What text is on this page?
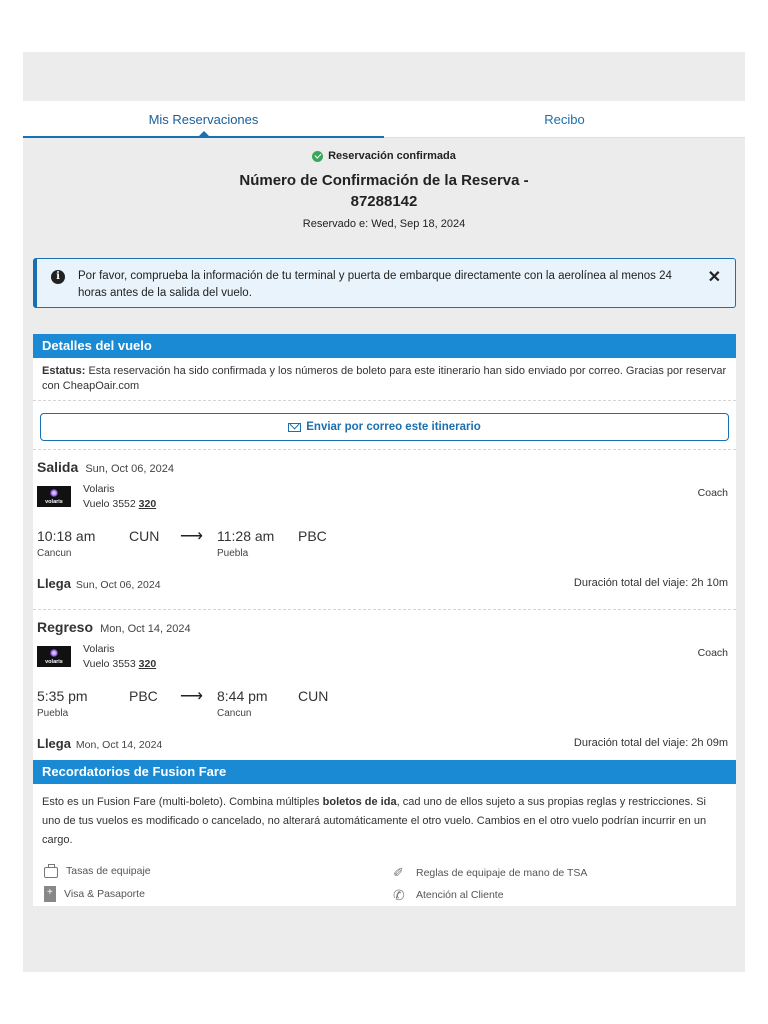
Mis Reservaciones	Recibo
Reservación confirmada
Número de Confirmación de la Reserva -
87288142
Reservado e: Wed, Sep 18, 2024
i	Por favor, comprueba la información de tu terminal y puerta de embarque directamente con la aerolínea al menos 24 horas antes de la salida del vuelo.
✕
Detalles del vuelo
Estatus: Esta reservación ha sido confirmada y los números de boleto para este itinerario han sido enviado por correo. Gracias por reservar con CheapOair.com
Enviar por correo este itinerario
Salida Sun, Oct 06, 2024
volaris
Volaris
Vuelo 3552 320
Coach
10:18 am CUN ⟶ 11:28 am PBC
Cancun	Puebla
Llega Sun, Oct 06, 2024	Duración total del viaje: 2h 10m
Regreso Mon, Oct 14, 2024
volaris
Volaris
Vuelo 3553 320
Coach
5:35 pm	PBC ⟶ 8:44 pm CUN
Puebla	Cancun
Llega Mon, Oct 14, 2024	Duración total del viaje: 2h 09m
Recordatorios de Fusion Fare
Esto es un Fusion Fare (multi-boleto). Combina múltiples boletos de ida, cad uno de ellos sujeto a sus propias reglas y restricciones. Si uno de tus vuelos es modificado o cancelado, no alterará automáticamente el otro vuelo. Cambios en el otro vuelo podrían incurrir en un cargo.
Tasas de equipaje	✐	Reglas de equipaje de mano de TSA
+
Visa & Pasaporte	✆	Atención al Cliente
